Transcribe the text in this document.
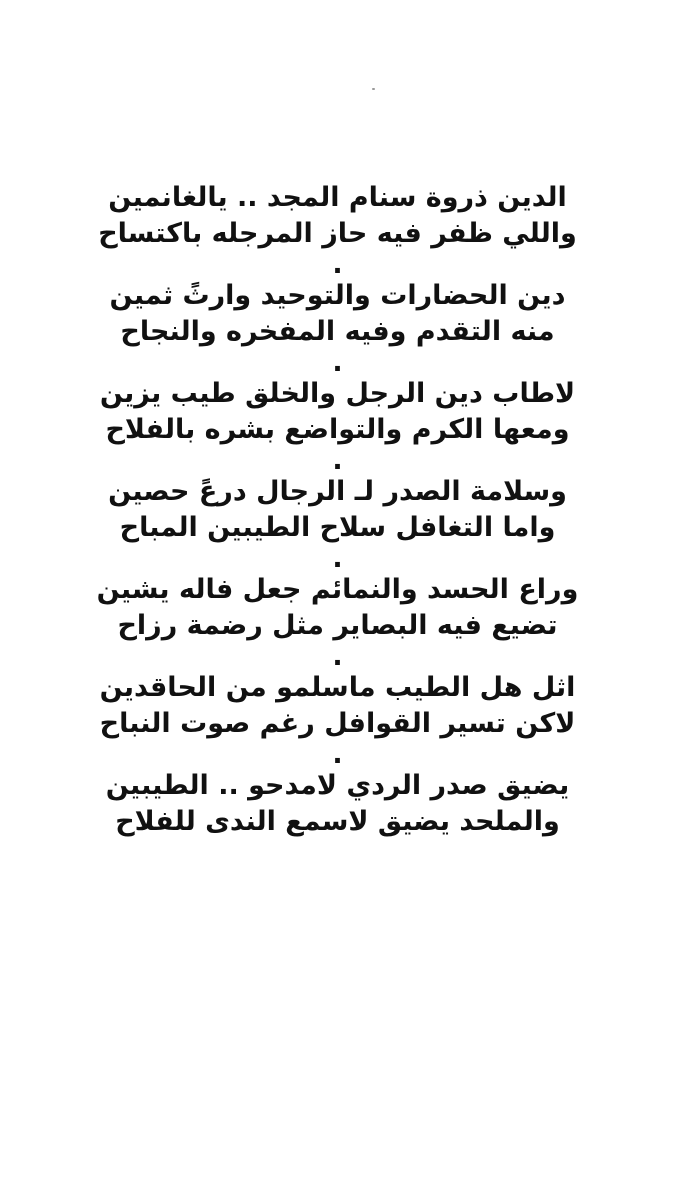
الدين ذروة سنام المجد .. يالغانمين

واللي ظفر فيه حاز المرجله باكتساح

.

دين الحضارات والتوحيد وارثً ثمين

منه التقدم وفيه المفخره والنجاح

.

لاطاب دين الرجل والخلق طيب يزين

ومعها الكرم والتواضع بشره بالفلاح

.

وسلامة الصدر لـ الرجال درعً حصين

واما التغافل سلاح الطيبين المباح

.

وراع الحسد والنمائم جعل فاله يشين

تضيع فيه البصاير مثل رضمة رزاح

.

اثل هل الطيب ماسلمو من الحاقدين

لاكن تسير القوافل رغم صوت النباح

.

يضيق صدر الردي لامدحو .. الطيبين

والملحد يضيق لاسمع الندى للفلاح
